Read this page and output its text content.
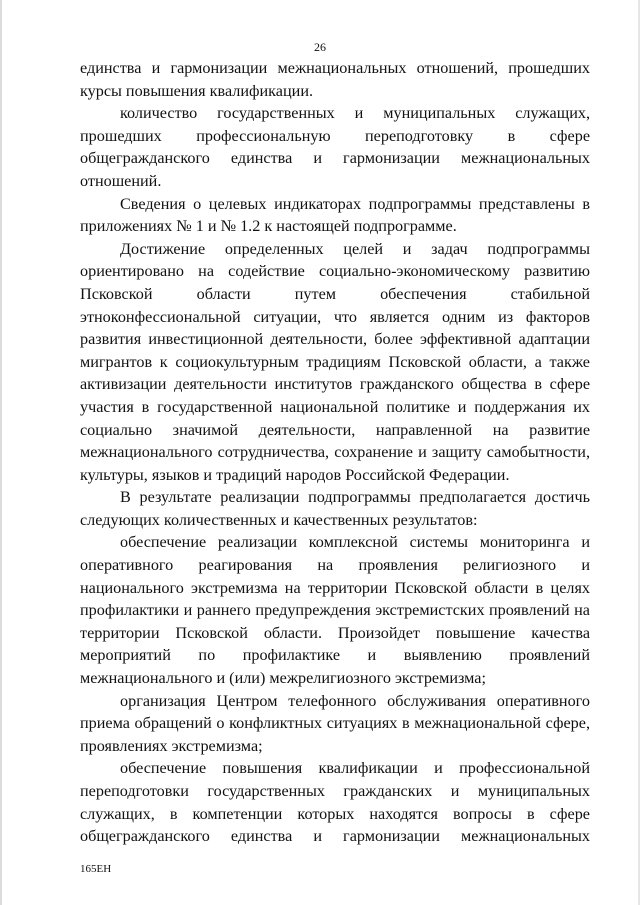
26

единства и гармонизации межнациональных отношений, прошедших курсы повышения квалификации.

количество государственных и муниципальных служащих, прошедших профессиональную переподготовку в сфере общегражданского единства и гармонизации межнациональных отношений.

Сведения о целевых индикаторах подпрограммы представлены в приложениях № 1 и № 1.2 к настоящей подпрограмме.

Достижение определенных целей и задач подпрограммы ориентировано на содействие социально-экономическому развитию Псковской области путем обеспечения стабильной этноконфессиональной ситуации, что является одним из факторов развития инвестиционной деятельности, более эффективной адаптации мигрантов к социокультурным традициям Псковской области, а также активизации деятельности институтов гражданского общества в сфере участия в государственной национальной политике и поддержания их социально значимой деятельности, направленной на развитие межнационального сотрудничества, сохранение и защиту самобытности, культуры, языков и традиций народов Российской Федерации.

В результате реализации подпрограммы предполагается достичь следующих количественных и качественных результатов:

обеспечение реализации комплексной системы мониторинга и оперативного реагирования на проявления религиозного и национального экстремизма на территории Псковской области в целях профилактики и раннего предупреждения экстремистских проявлений на территории Псковской области. Произойдет повышение качества мероприятий по профилактике и выявлению проявлений межнационального и (или) межрелигиозного экстремизма;

организация Центром телефонного обслуживания оперативного приема обращений о конфликтных ситуациях в межнациональной сфере, проявлениях экстремизма;

обеспечение повышения квалификации и профессиональной переподготовки государственных гражданских и муниципальных служащих, в компетенции которых находятся вопросы в сфере общегражданского единства и гармонизации межнациональных

165ЕН
